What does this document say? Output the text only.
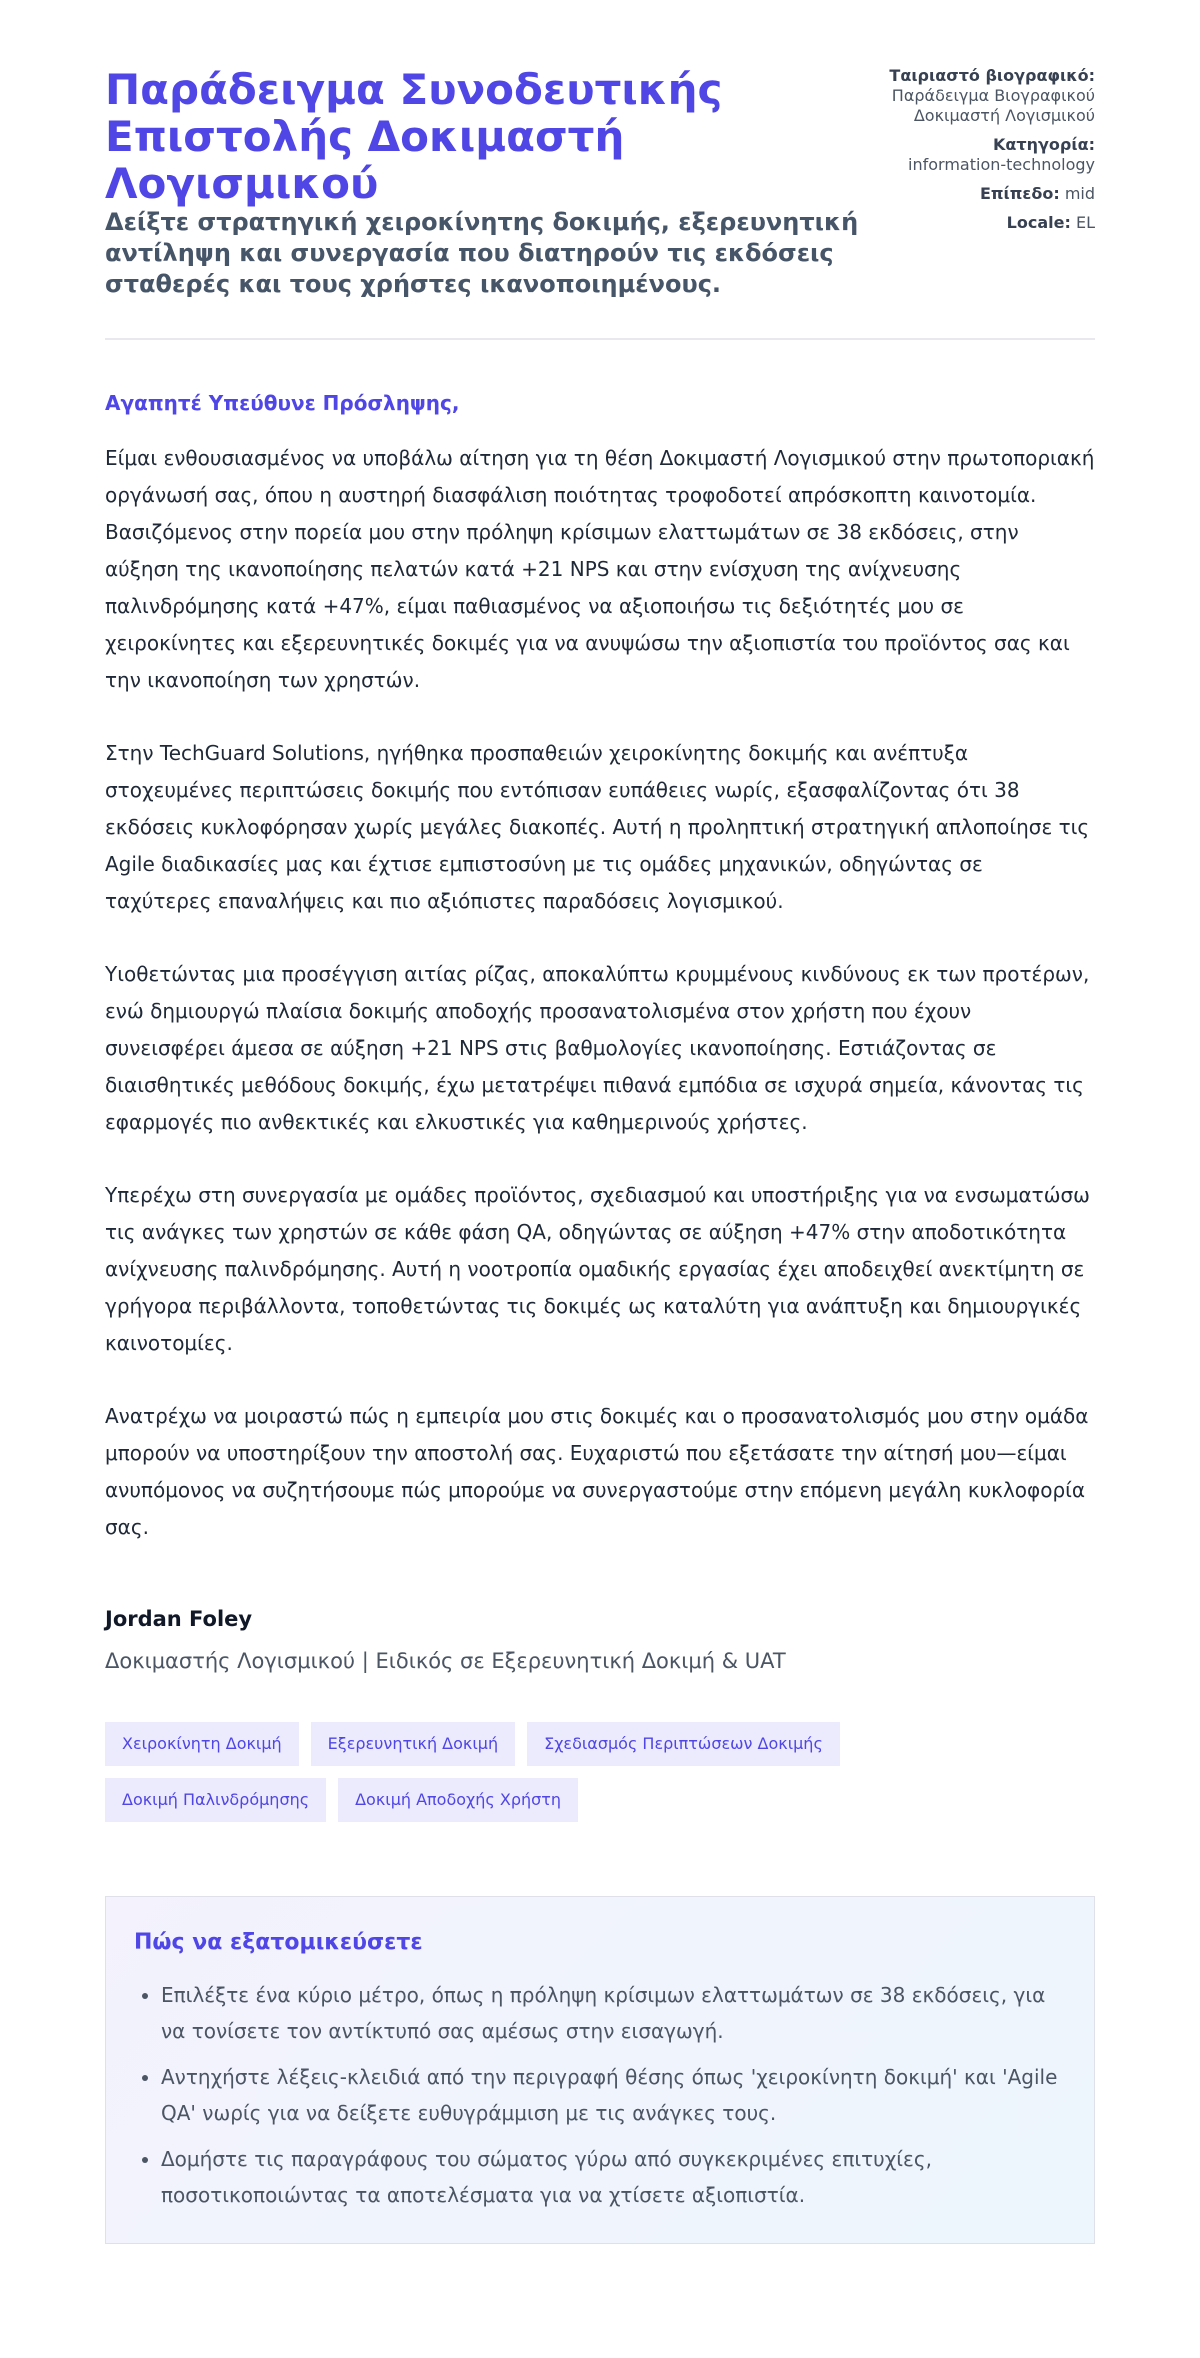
Παράδειγμα Συνοδευτικής Επιστολής Δοκιμαστή Λογισμικού
Δείξτε στρατηγική χειροκίνητης δοκιμής, εξερευνητική αντίληψη και συνεργασία που διατηρούν τις εκδόσεις σταθερές και τους χρήστες ικανοποιημένους.
Ταιριαστό βιογραφικό:
Παράδειγμα Βιογραφικού Δοκιμαστή Λογισμικού
Κατηγορία:
information-technology
Επίπεδο: mid
Locale: EL
Αγαπητέ Υπεύθυνε Πρόσληψης,

Είμαι ενθουσιασμένος να υποβάλω αίτηση για τη θέση Δοκιμαστή Λογισμικού στην πρωτοποριακή οργάνωσή σας, όπου η αυστηρή διασφάλιση ποιότητας τροφοδοτεί απρόσκοπτη καινοτομία. Βασιζόμενος στην πορεία μου στην πρόληψη κρίσιμων ελαττωμάτων σε 38 εκδόσεις, στην αύξηση της ικανοποίησης πελατών κατά +21 NPS και στην ενίσχυση της ανίχνευσης παλινδρόμησης κατά +47%, είμαι παθιασμένος να αξιοποιήσω τις δεξιότητές μου σε χειροκίνητες και εξερευνητικές δοκιμές για να ανυψώσω την αξιοπιστία του προϊόντος σας και την ικανοποίηση των χρηστών.

Στην TechGuard Solutions, ηγήθηκα προσπαθειών χειροκίνητης δοκιμής και ανέπτυξα στοχευμένες περιπτώσεις δοκιμής που εντόπισαν ευπάθειες νωρίς, εξασφαλίζοντας ότι 38 εκδόσεις κυκλοφόρησαν χωρίς μεγάλες διακοπές. Αυτή η προληπτική στρατηγική απλοποίησε τις Agile διαδικασίες μας και έχτισε εμπιστοσύνη με τις ομάδες μηχανικών, οδηγώντας σε ταχύτερες επαναλήψεις και πιο αξιόπιστες παραδόσεις λογισμικού.

Υιοθετώντας μια προσέγγιση αιτίας ρίζας, αποκαλύπτω κρυμμένους κινδύνους εκ των προτέρων, ενώ δημιουργώ πλαίσια δοκιμής αποδοχής προσανατολισμένα στον χρήστη που έχουν συνεισφέρει άμεσα σε αύξηση +21 NPS στις βαθμολογίες ικανοποίησης. Εστιάζοντας σε διαισθητικές μεθόδους δοκιμής, έχω μετατρέψει πιθανά εμπόδια σε ισχυρά σημεία, κάνοντας τις εφαρμογές πιο ανθεκτικές και ελκυστικές για καθημερινούς χρήστες.

Υπερέχω στη συνεργασία με ομάδες προϊόντος, σχεδιασμού και υποστήριξης για να ενσωματώσω τις ανάγκες των χρηστών σε κάθε φάση QA, οδηγώντας σε αύξηση +47% στην αποδοτικότητα ανίχνευσης παλινδρόμησης. Αυτή η νοοτροπία ομαδικής εργασίας έχει αποδειχθεί ανεκτίμητη σε γρήγορα περιβάλλοντα, τοποθετώντας τις δοκιμές ως καταλύτη για ανάπτυξη και δημιουργικές καινοτομίες.

Ανατρέχω να μοιραστώ πώς η εμπειρία μου στις δοκιμές και ο προσανατολισμός μου στην ομάδα μπορούν να υποστηρίξουν την αποστολή σας. Ευχαριστώ που εξετάσατε την αίτησή μου—είμαι ανυπόμονος να συζητήσουμε πώς μπορούμε να συνεργαστούμε στην επόμενη μεγάλη κυκλοφορία σας.

Jordan Foley
Δοκιμαστής Λογισμικού | Ειδικός σε Εξερευνητική Δοκιμή & UAT
Χειροκίνητη Δοκιμή	Εξερευνητική Δοκιμή	Σχεδιασμός Περιπτώσεων Δοκιμής
Δοκιμή Παλινδρόμησης	Δοκιμή Αποδοχής Χρήστη
Πώς να εξατομικεύσετε
• Επιλέξτε ένα κύριο μέτρο, όπως η πρόληψη κρίσιμων ελαττωμάτων σε 38 εκδόσεις, για να τονίσετε τον αντίκτυπό σας αμέσως στην εισαγωγή.
• Αντηχήστε λέξεις-κλειδιά από την περιγραφή θέσης όπως 'χειροκίνητη δοκιμή' και 'Agile QA' νωρίς για να δείξετε ευθυγράμμιση με τις ανάγκες τους.
• Δομήστε τις παραγράφους του σώματος γύρω από συγκεκριμένες επιτυχίες, ποσοτικοποιώντας τα αποτελέσματα για να χτίσετε αξιοπιστία.
